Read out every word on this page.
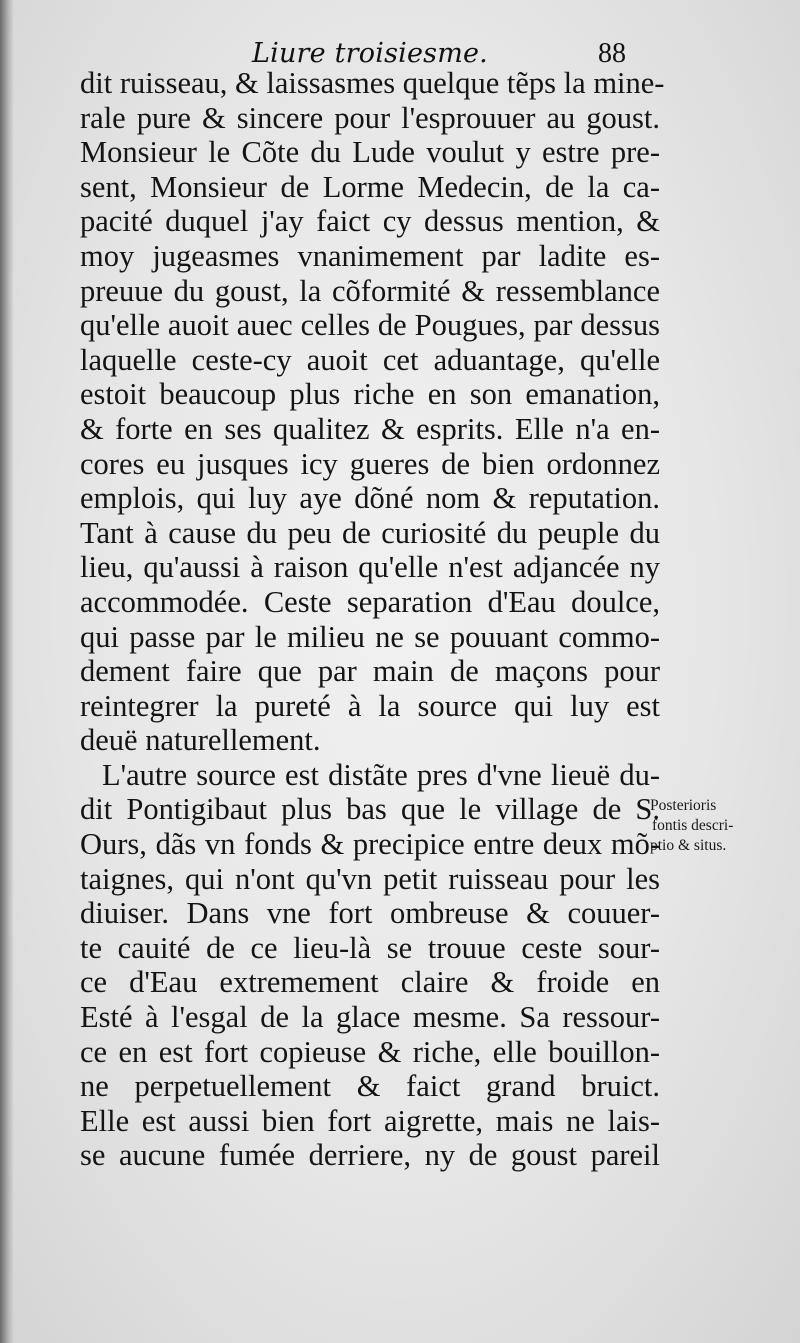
Liure troisiesme.	88
dit ruisseau, & laissasmes quelque tẽps la mine-
rale pure & sincere pour l'esprouuer au goust.
Monsieur le Cõte du Lude voulut y estre pre-
sent, Monsieur de Lorme Medecin, de la ca-
pacité duquel j'ay faict cy dessus mention, &
moy jugeasmes vnanimement par ladite es-
preuue du goust, la cõformité & ressemblance
qu'elle auoit auec celles de Pougues, par dessus
laquelle ceste-cy auoit cet aduantage, qu'elle
estoit beaucoup plus riche en son emanation,
& forte en ses qualitez & esprits. Elle n'a en-
cores eu jusques icy gueres de bien ordonnez
emplois, qui luy aye dõné nom & reputation.
Tant à cause du peu de curiosité du peuple du
lieu, qu'aussi à raison qu'elle n'est adjancée ny
accommodée. Ceste separation d'Eau doulce,
qui passe par le milieu ne se pouuant commo-
dement faire que par main de maçons pour
reintegrer la pureté à la source qui luy est
deuë naturellement.
L'autre source est distãte pres d'vne lieuë du-
dit Pontigibaut plus bas que le village de S.
Ours, dãs vn fonds & precipice entre deux mõ-
taignes, qui n'ont qu'vn petit ruisseau pour les
diuiser. Dans vne fort ombreuse & couuer-
te cauité de ce lieu-là se trouue ceste sour-
ce d'Eau extremement claire & froide en
Esté à l'esgal de la glace mesme. Sa ressour-
ce en est fort copieuse & riche, elle bouillon-
ne perpetuellement & faict grand bruict.
Elle est aussi bien fort aigrette, mais ne lais-
se aucune fumée derriere, ny de goust pareil
Posterioris
fontis descri-
ptio & situs.
